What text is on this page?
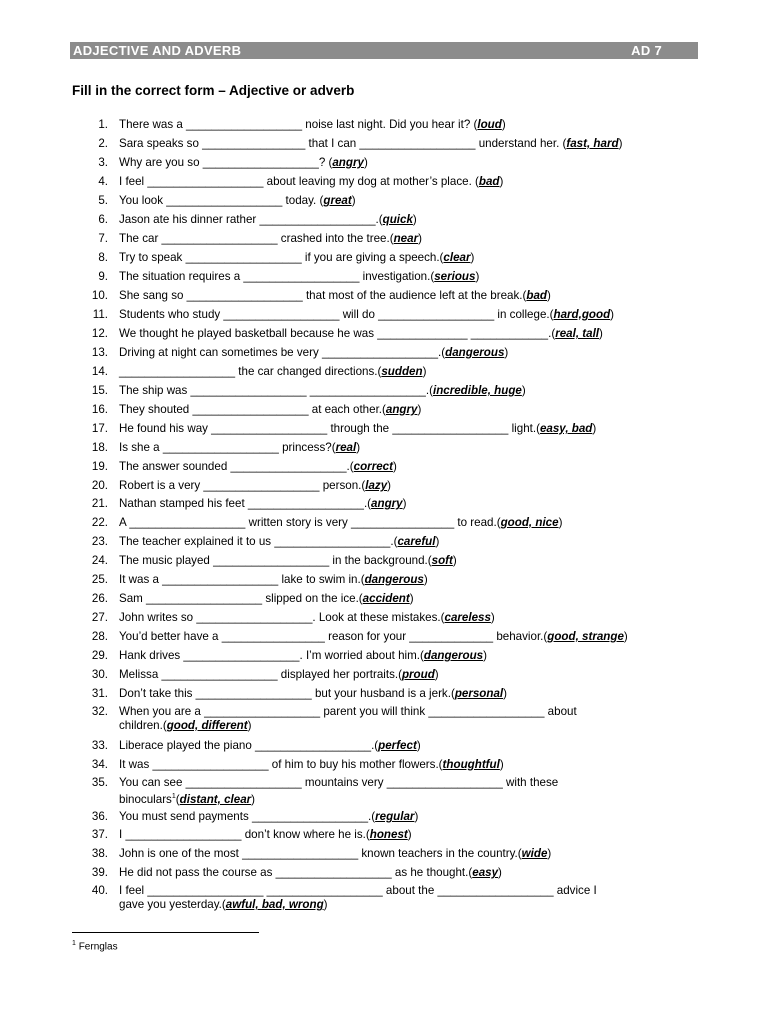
ADJECTIVE AND ADVERB	AD 7
Fill in the correct form – Adjective or adverb
1. There was a __________________ noise last night. Did you hear it? (loud)
2. Sara speaks so ________________ that I can __________________ understand her. (fast, hard)
3. Why are you so __________________? (angry)
4. I feel __________________ about leaving my dog at mother’s place. (bad)
5. You look __________________ today. (great)
6. Jason ate his dinner rather __________________.(quick)
7. The car __________________ crashed into the tree.(near)
8. Try to speak __________________ if you are giving a speech.(clear)
9. The situation requires a __________________ investigation.(serious)
10. She sang so __________________ that most of the audience left at the break.(bad)
11. Students who study __________________ will do __________________ in college.(hard,good)
12. We thought he played basketball because he was ______________ ____________.(real, tall)
13. Driving at night can sometimes be very __________________.(dangerous)
14. __________________ the car changed directions.(sudden)
15. The ship was __________________ __________________.(incredible, huge)
16. They shouted __________________ at each other.(angry)
17. He found his way __________________ through the __________________ light.(easy, bad)
18. Is she a __________________ princess?(real)
19. The answer sounded __________________.(correct)
20. Robert is a very __________________ person.(lazy)
21. Nathan stamped his feet __________________.(angry)
22. A __________________ written story is very ________________ to read.(good, nice)
23. The teacher explained it to us __________________.(careful)
24. The music played __________________ in the background.(soft)
25. It was a __________________ lake to swim in.(dangerous)
26. Sam __________________ slipped on the ice.(accident)
27. John writes so __________________. Look at these mistakes.(careless)
28. You’d better have a ________________ reason for your _____________ behavior.(good, strange)
29. Hank drives __________________. I’m worried about him.(dangerous)
30. Melissa __________________ displayed her portraits.(proud)
31. Don’t take this __________________ but your husband is a jerk.(personal)
32. When you are a __________________ parent you will think __________________ about
children.(good, different)
33. Liberace played the piano __________________.(perfect)
34. It was __________________ of him to buy his mother flowers.(thoughtful)
35. You can see __________________ mountains very __________________ with these
binoculars$^1$(distant, clear)
36. You must send payments __________________.(regular)
37. I __________________ don’t know where he is.(honest)
38. John is one of the most __________________ known teachers in the country.(wide)
39. He did not pass the course as __________________ as he thought.(easy)
40. I feel __________________ __________________ about the __________________ advice I
gave you yesterday.(awful, bad, wrong)
$^1$ Fernglas
